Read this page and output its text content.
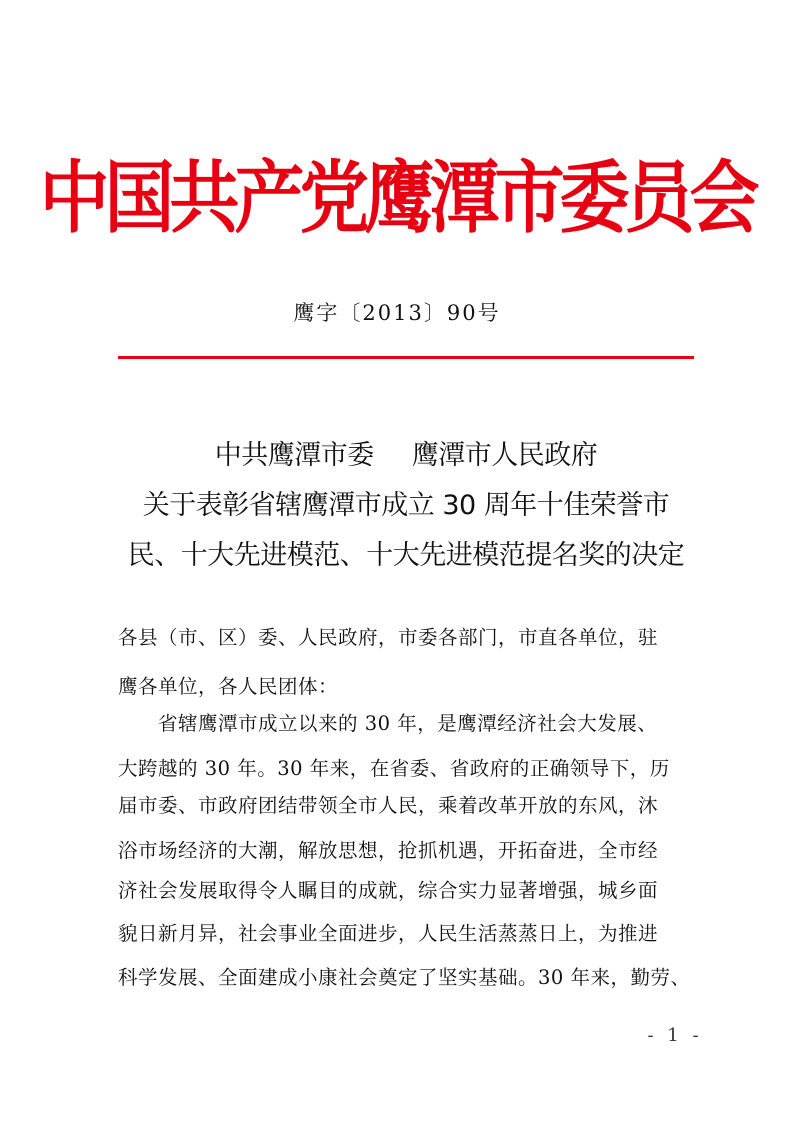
中国共产党鹰潭市委员会
鹰字〔2013〕90号
中共鹰潭市委 鹰潭市人民政府
关于表彰省辖鹰潭市成立 30 周年十佳荣誉市
民、十大先进模范、十大先进模范提名奖的决定
各县（市、区）委、人民政府，市委各部门，市直各单位，驻
鹰各单位，各人民团体：
省辖鹰潭市成立以来的 30 年，是鹰潭经济社会大发展、
大跨越的 30 年。30 年来，在省委、省政府的正确领导下，历
届市委、市政府团结带领全市人民，乘着改革开放的东风，沐
浴市场经济的大潮，解放思想，抢抓机遇，开拓奋进，全市经
济社会发展取得令人瞩目的成就，综合实力显著增强，城乡面
貌日新月异，社会事业全面进步，人民生活蒸蒸日上，为推进
科学发展、全面建成小康社会奠定了坚实基础。30 年来，勤劳、
- 1 -
